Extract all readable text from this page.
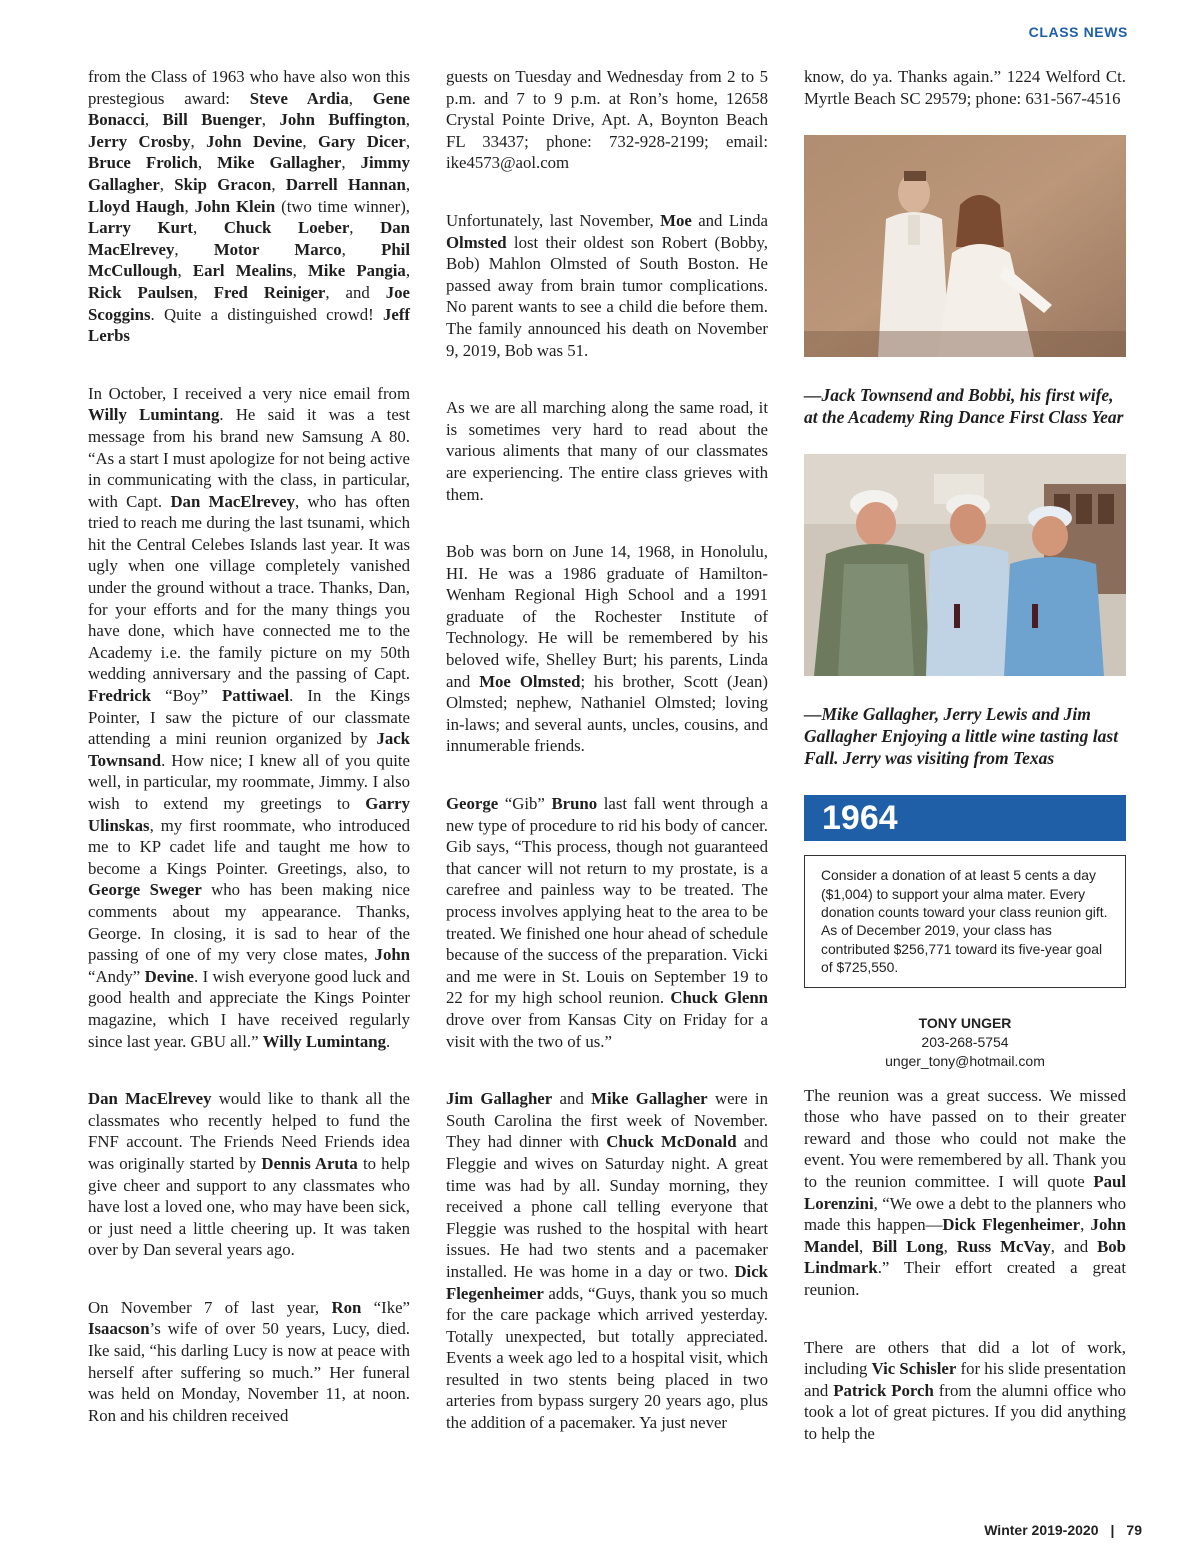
CLASS NEWS

from the Class of 1963 who have also won this prestegious award: Steve Ardia, Gene Bonacci, Bill Buenger, John Buffington, Jerry Crosby, John Devine, Gary Dicer, Bruce Frolich, Mike Gallagher, Jimmy Gallagher, Skip Gracon, Darrell Hannan, Lloyd Haugh, John Klein (two time winner), Larry Kurt, Chuck Loeber, Dan MacElrevey, Motor Marco, Phil McCullough, Earl Mealins, Mike Pangia, Rick Paulsen, Fred Reiniger, and Joe Scoggins. Quite a distinguished crowd! Jeff Lerbs

In October, I received a very nice email from Willy Lumintang. He said it was a test message from his brand new Samsung A 80. “As a start I must apologize for not being active in communicating with the class, in particular, with Capt. Dan MacElrevey, who has often tried to reach me during the last tsunami, which hit the Central Celebes Islands last year. It was ugly when one village completely vanished under the ground without a trace. Thanks, Dan, for your efforts and for the many things you have done, which have connected me to the Academy i.e. the family picture on my 50th wedding anniversary and the passing of Capt. Fredrick “Boy” Pattiwael. In the Kings Pointer, I saw the picture of our classmate attending a mini reunion organized by Jack Townsand. How nice; I knew all of you quite well, in particular, my roommate, Jimmy. I also wish to extend my greetings to Garry Ulinskas, my first roommate, who introduced me to KP cadet life and taught me how to become a Kings Pointer. Greetings, also, to George Sweger who has been making nice comments about my appearance. Thanks, George. In closing, it is sad to hear of the passing of one of my very close mates, John “Andy” Devine. I wish everyone good luck and good health and appreciate the Kings Pointer magazine, which I have received regularly since last year. GBU all.” Willy Lumintang.

Dan MacElrevey would like to thank all the classmates who recently helped to fund the FNF account. The Friends Need Friends idea was originally started by Dennis Aruta to help give cheer and support to any classmates who have lost a loved one, who may have been sick, or just need a little cheering up. It was taken over by Dan several years ago.

On November 7 of last year, Ron “Ike” Isaacson’s wife of over 50 years, Lucy, died. Ike said, “his darling Lucy is now at peace with herself after suffering so much.” Her funeral was held on Monday, November 11, at noon. Ron and his children received

guests on Tuesday and Wednesday from 2 to 5 p.m. and 7 to 9 p.m. at Ron’s home, 12658 Crystal Pointe Drive, Apt. A, Boynton Beach FL 33437; phone: 732-928-2199; email: ike4573@aol.com

Unfortunately, last November, Moe and Linda Olmsted lost their oldest son Robert (Bobby, Bob) Mahlon Olmsted of South Boston. He passed away from brain tumor complications. No parent wants to see a child die before them. The family announced his death on November 9, 2019, Bob was 51.

As we are all marching along the same road, it is sometimes very hard to read about the various aliments that many of our classmates are experiencing. The entire class grieves with them.

Bob was born on June 14, 1968, in Honolulu, HI. He was a 1986 graduate of Hamilton-Wenham Regional High School and a 1991 graduate of the Rochester Institute of Technology. He will be remembered by his beloved wife, Shelley Burt; his parents, Linda and Moe Olmsted; his brother, Scott (Jean) Olmsted; nephew, Nathaniel Olmsted; loving in-laws; and several aunts, uncles, cousins, and innumerable friends.

George “Gib” Bruno last fall went through a new type of procedure to rid his body of cancer. Gib says, “This process, though not guaranteed that cancer will not return to my prostate, is a carefree and painless way to be treated. The process involves applying heat to the area to be treated. We finished one hour ahead of schedule because of the success of the preparation. Vicki and me were in St. Louis on September 19 to 22 for my high school reunion. Chuck Glenn drove over from Kansas City on Friday for a visit with the two of us.”

Jim Gallagher and Mike Gallagher were in South Carolina the first week of November. They had dinner with Chuck McDonald and Fleggie and wives on Saturday night. A great time was had by all. Sunday morning, they received a phone call telling everyone that Fleggie was rushed to the hospital with heart issues. He had two stents and a pacemaker installed. He was home in a day or two. Dick Flegenheimer adds, “Guys, thank you so much for the care package which arrived yesterday. Totally unexpected, but totally appreciated. Events a week ago led to a hospital visit, which resulted in two stents being placed in two arteries from bypass surgery 20 years ago, plus the addition of a pacemaker. Ya just never

know, do ya. Thanks again.” 1224 Welford Ct. Myrtle Beach SC 29579; phone: 631-567-4516

—Jack Townsend and Bobbi, his first wife, at the Academy Ring Dance First Class Year
—Mike Gallagher, Jerry Lewis and Jim Gallagher Enjoying a little wine tasting last Fall. Jerry was visiting from Texas
1964
Consider a donation of at least 5 cents a day ($1,004) to support your alma mater. Every donation counts toward your class reunion gift. As of December 2019, your class has contributed $256,771 toward its five-year goal of $725,550.
TONY UNGER
203-268-5754
unger_tony@hotmail.com

The reunion was a great success. We missed those who have passed on to their greater reward and those who could not make the event. You were remembered by all. Thank you to the reunion committee. I will quote Paul Lorenzini, “We owe a debt to the planners who made this happen—Dick Flegenheimer, John Mandel, Bill Long, Russ McVay, and Bob Lindmark.” Their effort created a great reunion.

There are others that did a lot of work, including Vic Schisler for his slide presentation and Patrick Porch from the alumni office who took a lot of great pictures. If you did anything to help the

Winter 2019-2020 | 79
